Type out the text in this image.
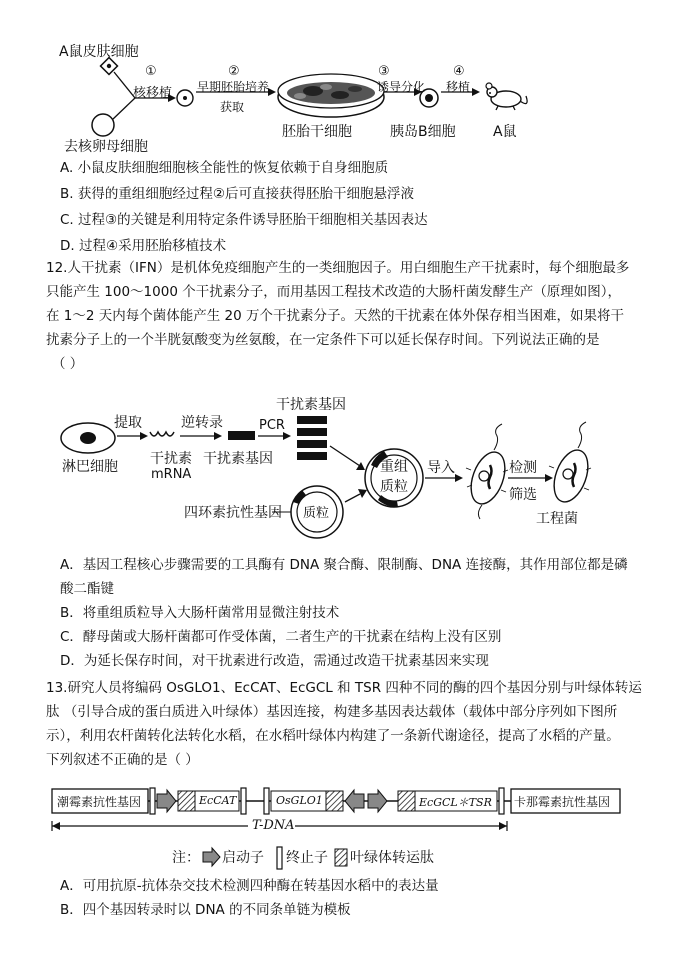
A鼠皮肤细胞
①
核移植
②
早期胚胎培养
获取
③
诱导分化
④
移植
去核卵母细胞
胚胎干细胞	胰岛B细胞	A鼠
A. 小鼠皮肤细胞细胞核全能性的恢复依赖于自身细胞质
B. 获得的重组细胞经过程②后可直接获得胚胎干细胞悬浮液
C. 过程③的关键是利用特定条件诱导胚胎干细胞相关基因表达
D. 过程④采用胚胎移植技术
12.人干扰素（IFN）是机体免疫细胞产生的一类细胞因子。用白细胞生产干扰素时，每个细胞最多
只能产生 100～1000 个干扰素分子，而用基因工程技术改造的大肠杆菌发酵生产（原理如图），
在 1～2 天内每个菌体能产生 20 万个干扰素分子。天然的干扰素在体外保存相当困难，如果将干
扰素分子上的一个半胱氨酸变为丝氨酸，在一定条件下可以延长保存时间。下列说法正确的是
（ ）
淋巴细胞
提取
干扰素
mRNA
逆转录
干扰素基因
PCR
干扰素基因
重组
质粒
导入	检测
筛选
四环素抗性基因 质粒	工程菌
A．基因工程核心步骤需要的工具酶有 DNA 聚合酶、限制酶、DNA 连接酶，其作用部位都是磷
酸二酯键
B．将重组质粒导入大肠杆菌常用显微注射技术
C．酵母菌或大肠杆菌都可作受体菌，二者生产的干扰素在结构上没有区别
D．为延长保存时间，对干扰素进行改造，需通过改造干扰素基因来实现
13.研究人员将编码 OsGLO1、EcCAT、EcGCL 和 TSR 四种不同的酶的四个基因分别与叶绿体转运
肽 （引导合成的蛋白质进入叶绿体）基因连接，构建多基因表达载体（载体中部分序列如下图所
示），利用农杆菌转化法转化水稻，在水稻叶绿体内构建了一条新代谢途径，提高了水稻的产量。
下列叙述不正确的是（ ）
潮霉素抗性基因	EcCAT	OsGLO1	EcGCL＊TSR 卡那霉素抗性基因
T-DNA
注： 启动子 终止子 叶绿体转运肽
A．可用抗原-抗体杂交技术检测四种酶在转基因水稻中的表达量
B．四个基因转录时以 DNA 的不同条单链为模板
